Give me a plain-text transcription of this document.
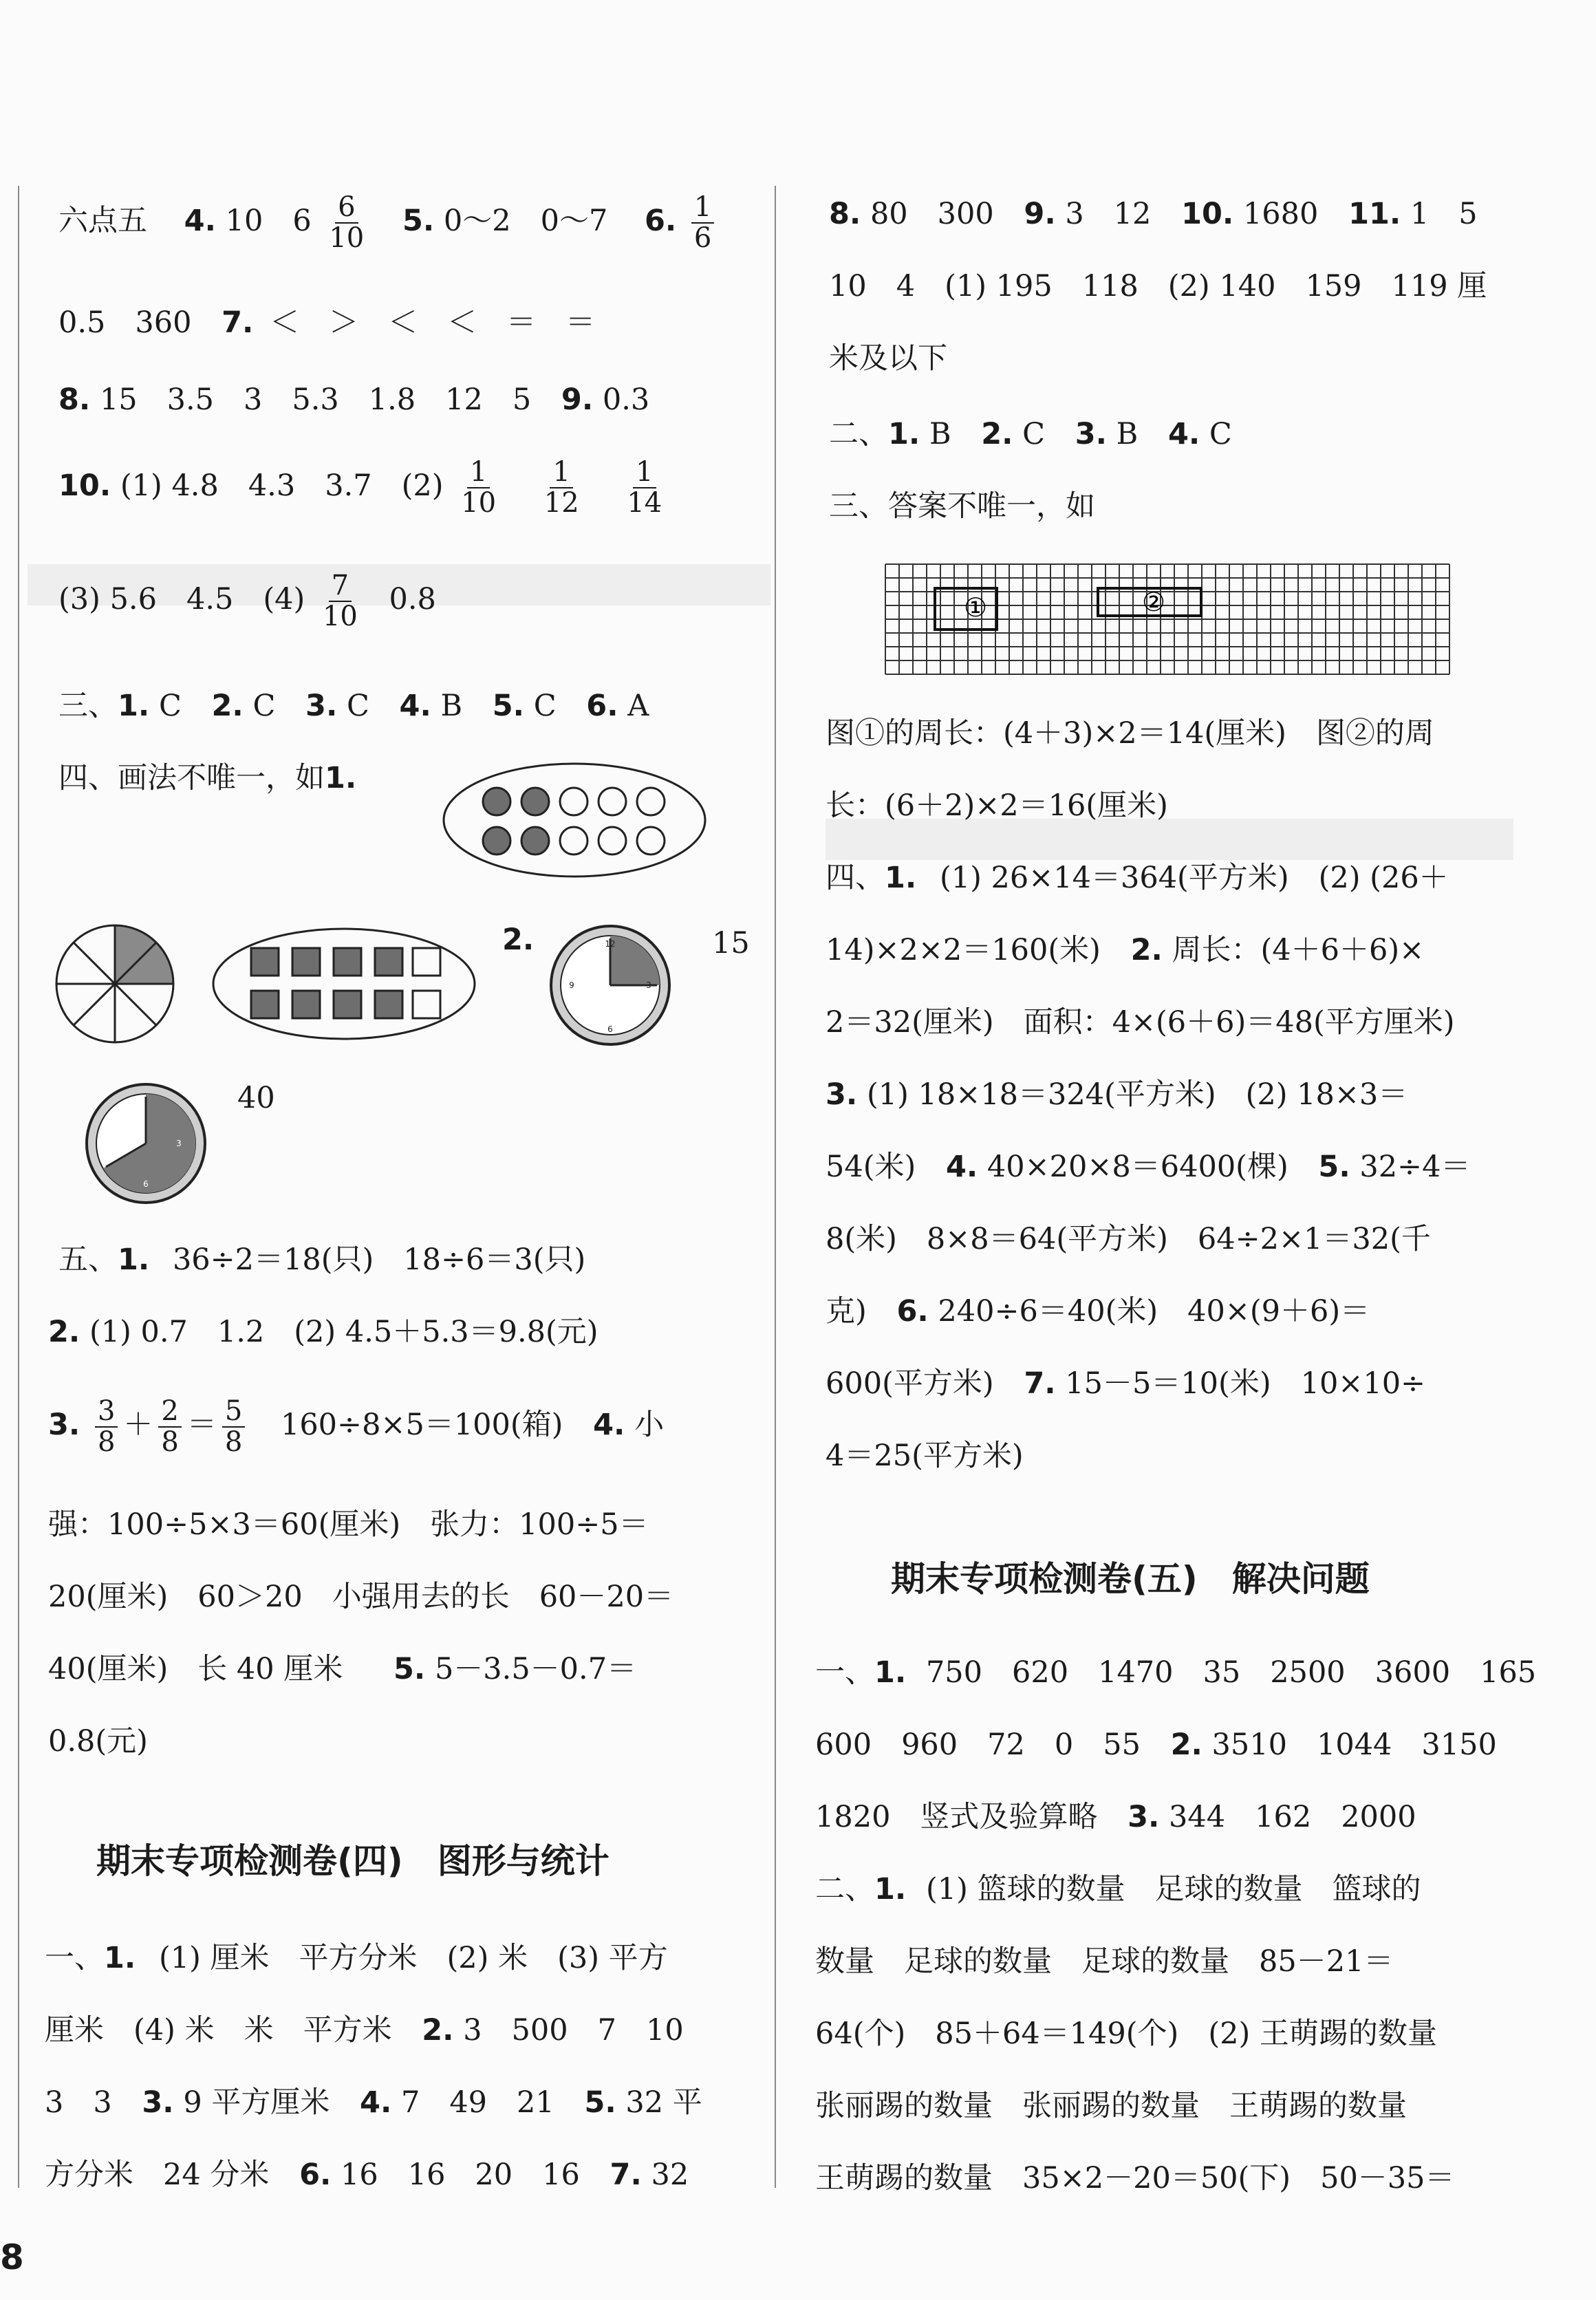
六点五 4. 10　$6 \frac{6}{10} 5$. 0～2　0～7 6. $\frac{1}{6}$
0.5　360 7. ＜　＞　＜　＜　＝　＝
8. 15　3.5　3　5.3　1.8　12　5 9. 0.3
10. (1) 4.8　4.3　3.7　$(2) \frac{1}{10}$
$\frac{1}{12}$
$\frac{1}{14}$
(3) 5.6　4.5　$(4) \frac{7}{10} 0.8$
三、1. C 2. C 3. C 4. B 5. C 6. A
四、画法不唯一，如1.
2.	15
12
3
6
9
40
3
6
五、1. 36÷2＝18(只)　18÷6＝3(只)
2. (1) 0.7　1.2　(2) 4.5＋5.3＝9.8(元)
3. $\frac{3}{8} + \frac{2}{8} = \frac{5}{8} 160\div 8\times 5=100$(箱) 4. 小
强：100÷5×3＝60(厘米)　张力：100÷5＝
20(厘米)　60＞20　小强用去的长　60－20＝
40(厘米)　长 40 厘米 5. 5－3.5－0.7＝
0.8(元)
期末专项检测卷(四)　图形与统计
一、1. (1) 厘米　平方分米　(2) 米　(3) 平方
厘米　(4) 米　米　平方米 2. 3　500　7　10
3　3 3. 9 平方厘米 4. 7　49　21 5. 32 平
方分米　24 分米 6. 16　16　20　16 7. 32
8. 80　300 9. 3　12 10. 1680 11. 1　5
10　4　(1) 195　118　(2) 140　159　119 厘
米及以下
二、1. B 2. C 3. B 4. C
三、答案不唯一，如
①	②
图①的周长：(4＋3)×2＝14(厘米)　图②的周
长：(6＋2)×2＝16(厘米)
四、1. (1) 26×14＝364(平方米)　(2) (26＋
14)×2×2＝160(米) 2. 周长：(4＋6＋6)×
2＝32(厘米)　面积：4×(6＋6)＝48(平方厘米)
3. (1) 18×18＝324(平方米)　(2) 18×3＝
54(米) 4. 40×20×8＝6400(棵) 5. 32÷4＝
8(米)　8×8＝64(平方米)　64÷2×1＝32(千
克) 6. 240÷6＝40(米)　40×(9＋6)＝
600(平方米) 7. 15－5＝10(米)　10×10÷
4＝25(平方米)
期末专项检测卷(五)　解决问题
一、1. 750　620　1470　35　2500　3600　165
600　960　72　0　55 2. 3510　1044　3150
1820　竖式及验算略 3. 344　162　2000
二、1. (1) 篮球的数量　足球的数量　篮球的
数量　足球的数量　足球的数量　85－21＝
64(个)　85＋64＝149(个)　(2) 王萌踢的数量
张丽踢的数量　张丽踢的数量　王萌踢的数量
王萌踢的数量　35×2－20＝50(下)　50－35＝
8
